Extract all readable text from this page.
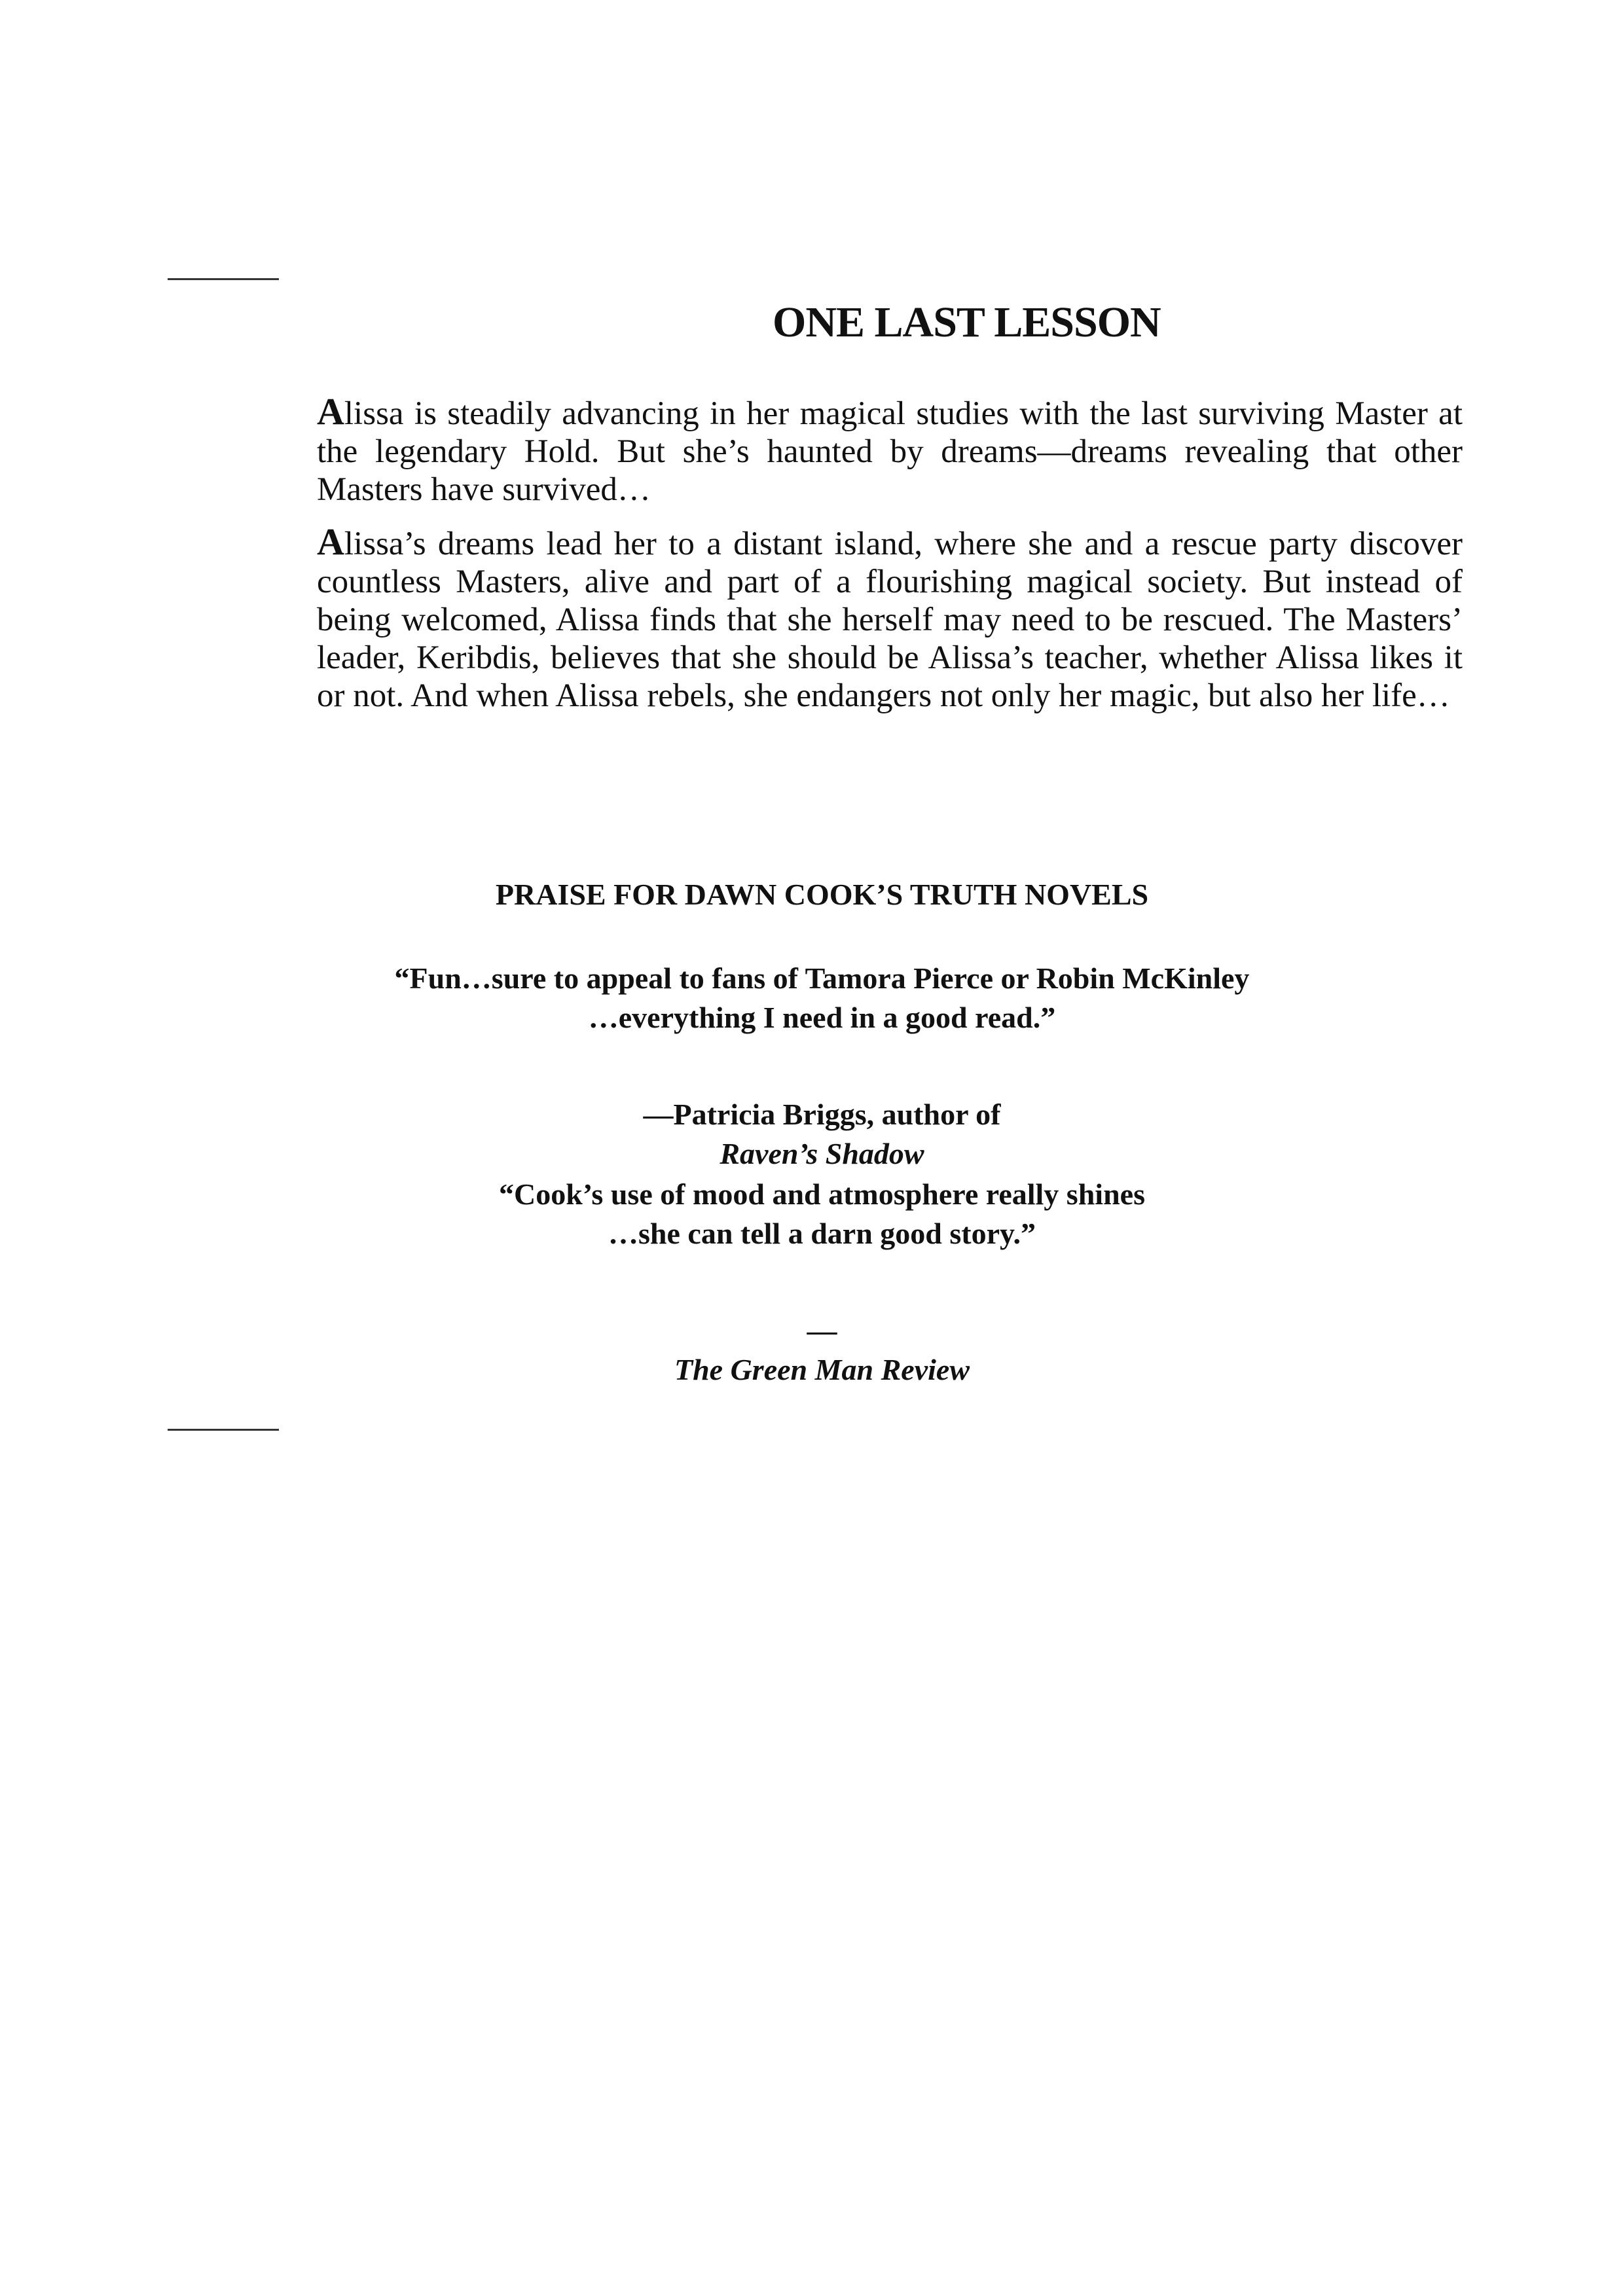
ONE LAST LESSON

Alissa is steadily advancing in her magical studies with the last surviving Master at the legendary Hold. But she’s haunted by dreams—dreams revealing that other Masters have survived…

Alissa’s dreams lead her to a distant island, where she and a rescue party discover countless Masters, alive and part of a flourishing magical society. But instead of being welcomed, Alissa finds that she herself may need to be rescued. The Masters’ leader, Keribdis, believes that she should be Alissa’s teacher, whether Alissa likes it or not. And when Alissa rebels, she endangers not only her magic, but also her life…

PRAISE FOR DAWN COOK’S TRUTH NOVELS

“Fun…sure to appeal to fans of Tamora Pierce or Robin McKinley
…everything I need in a good read.”

—Patricia Briggs, author of
Raven’s Shadow

“Cook’s use of mood and atmosphere really shines
…she can tell a darn good story.”

—
The Green Man Review
